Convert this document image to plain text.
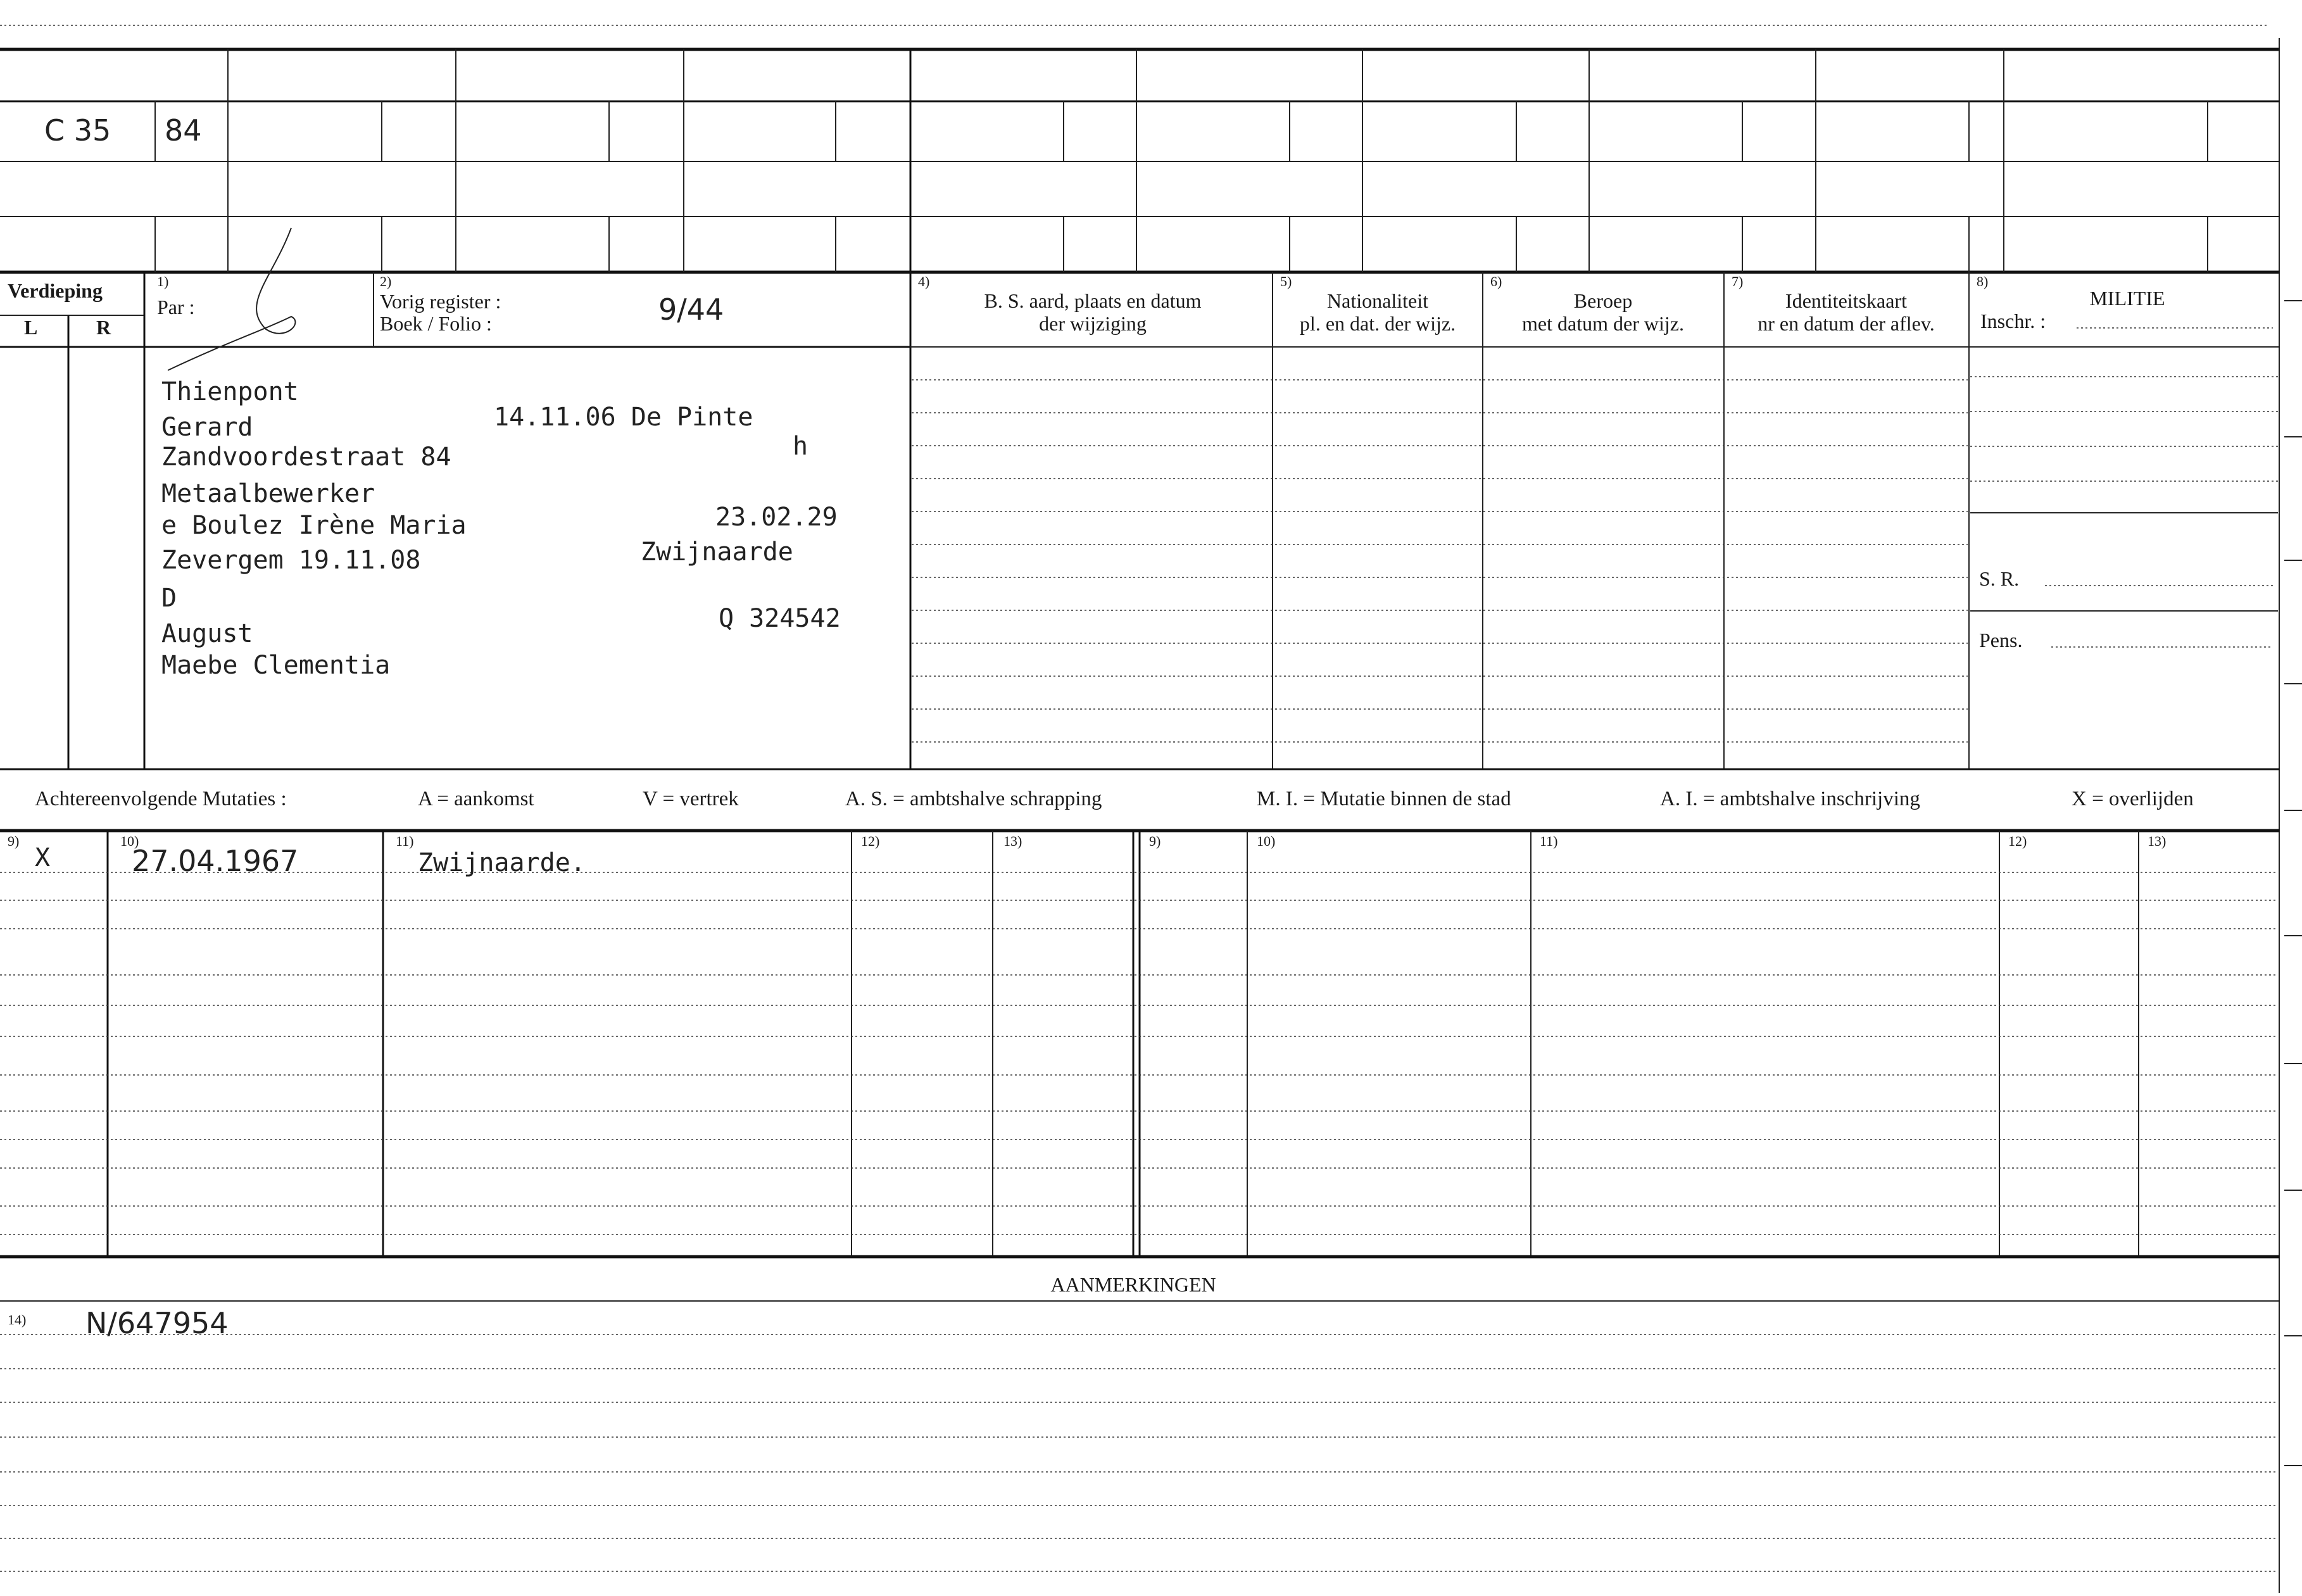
C 35 84
Verdieping
L	R
1)
Par :
2)
Vorig register :
Boek / Folio :	9/44
4)
B. S. aard, plaats en datum
der wijziging
5)
Nationaliteit
pl. en dat. der wijz.
6)
Beroep
met datum der wijz.
7)
Identiteitskaart
nr en datum der aflev.
8)
MILITIE
Inschr. :
S. R.
Pens.
Thienpont
Gerard
Zandvoordestraat 84
Metaalbewerker
e Boulez Irène Maria
Zevergem 19.11.08
D
August
Maebe Clementia
14.11.06 De Pinte
h
23.02.29
Zwijnaarde
Q 324542
Achtereenvolgende Mutaties :	A = aankomst	V = vertrek	A. S. = ambtshalve schrapping	M. I. = Mutatie binnen de stad	A. I. = ambtshalve inschrijving	X = overlijden
9)	10)	11)	12)	13)	9)	10)	11)	12)	13)
X	27.04.1967	Zwijnaarde.
AANMERKINGEN
14) N/647954
